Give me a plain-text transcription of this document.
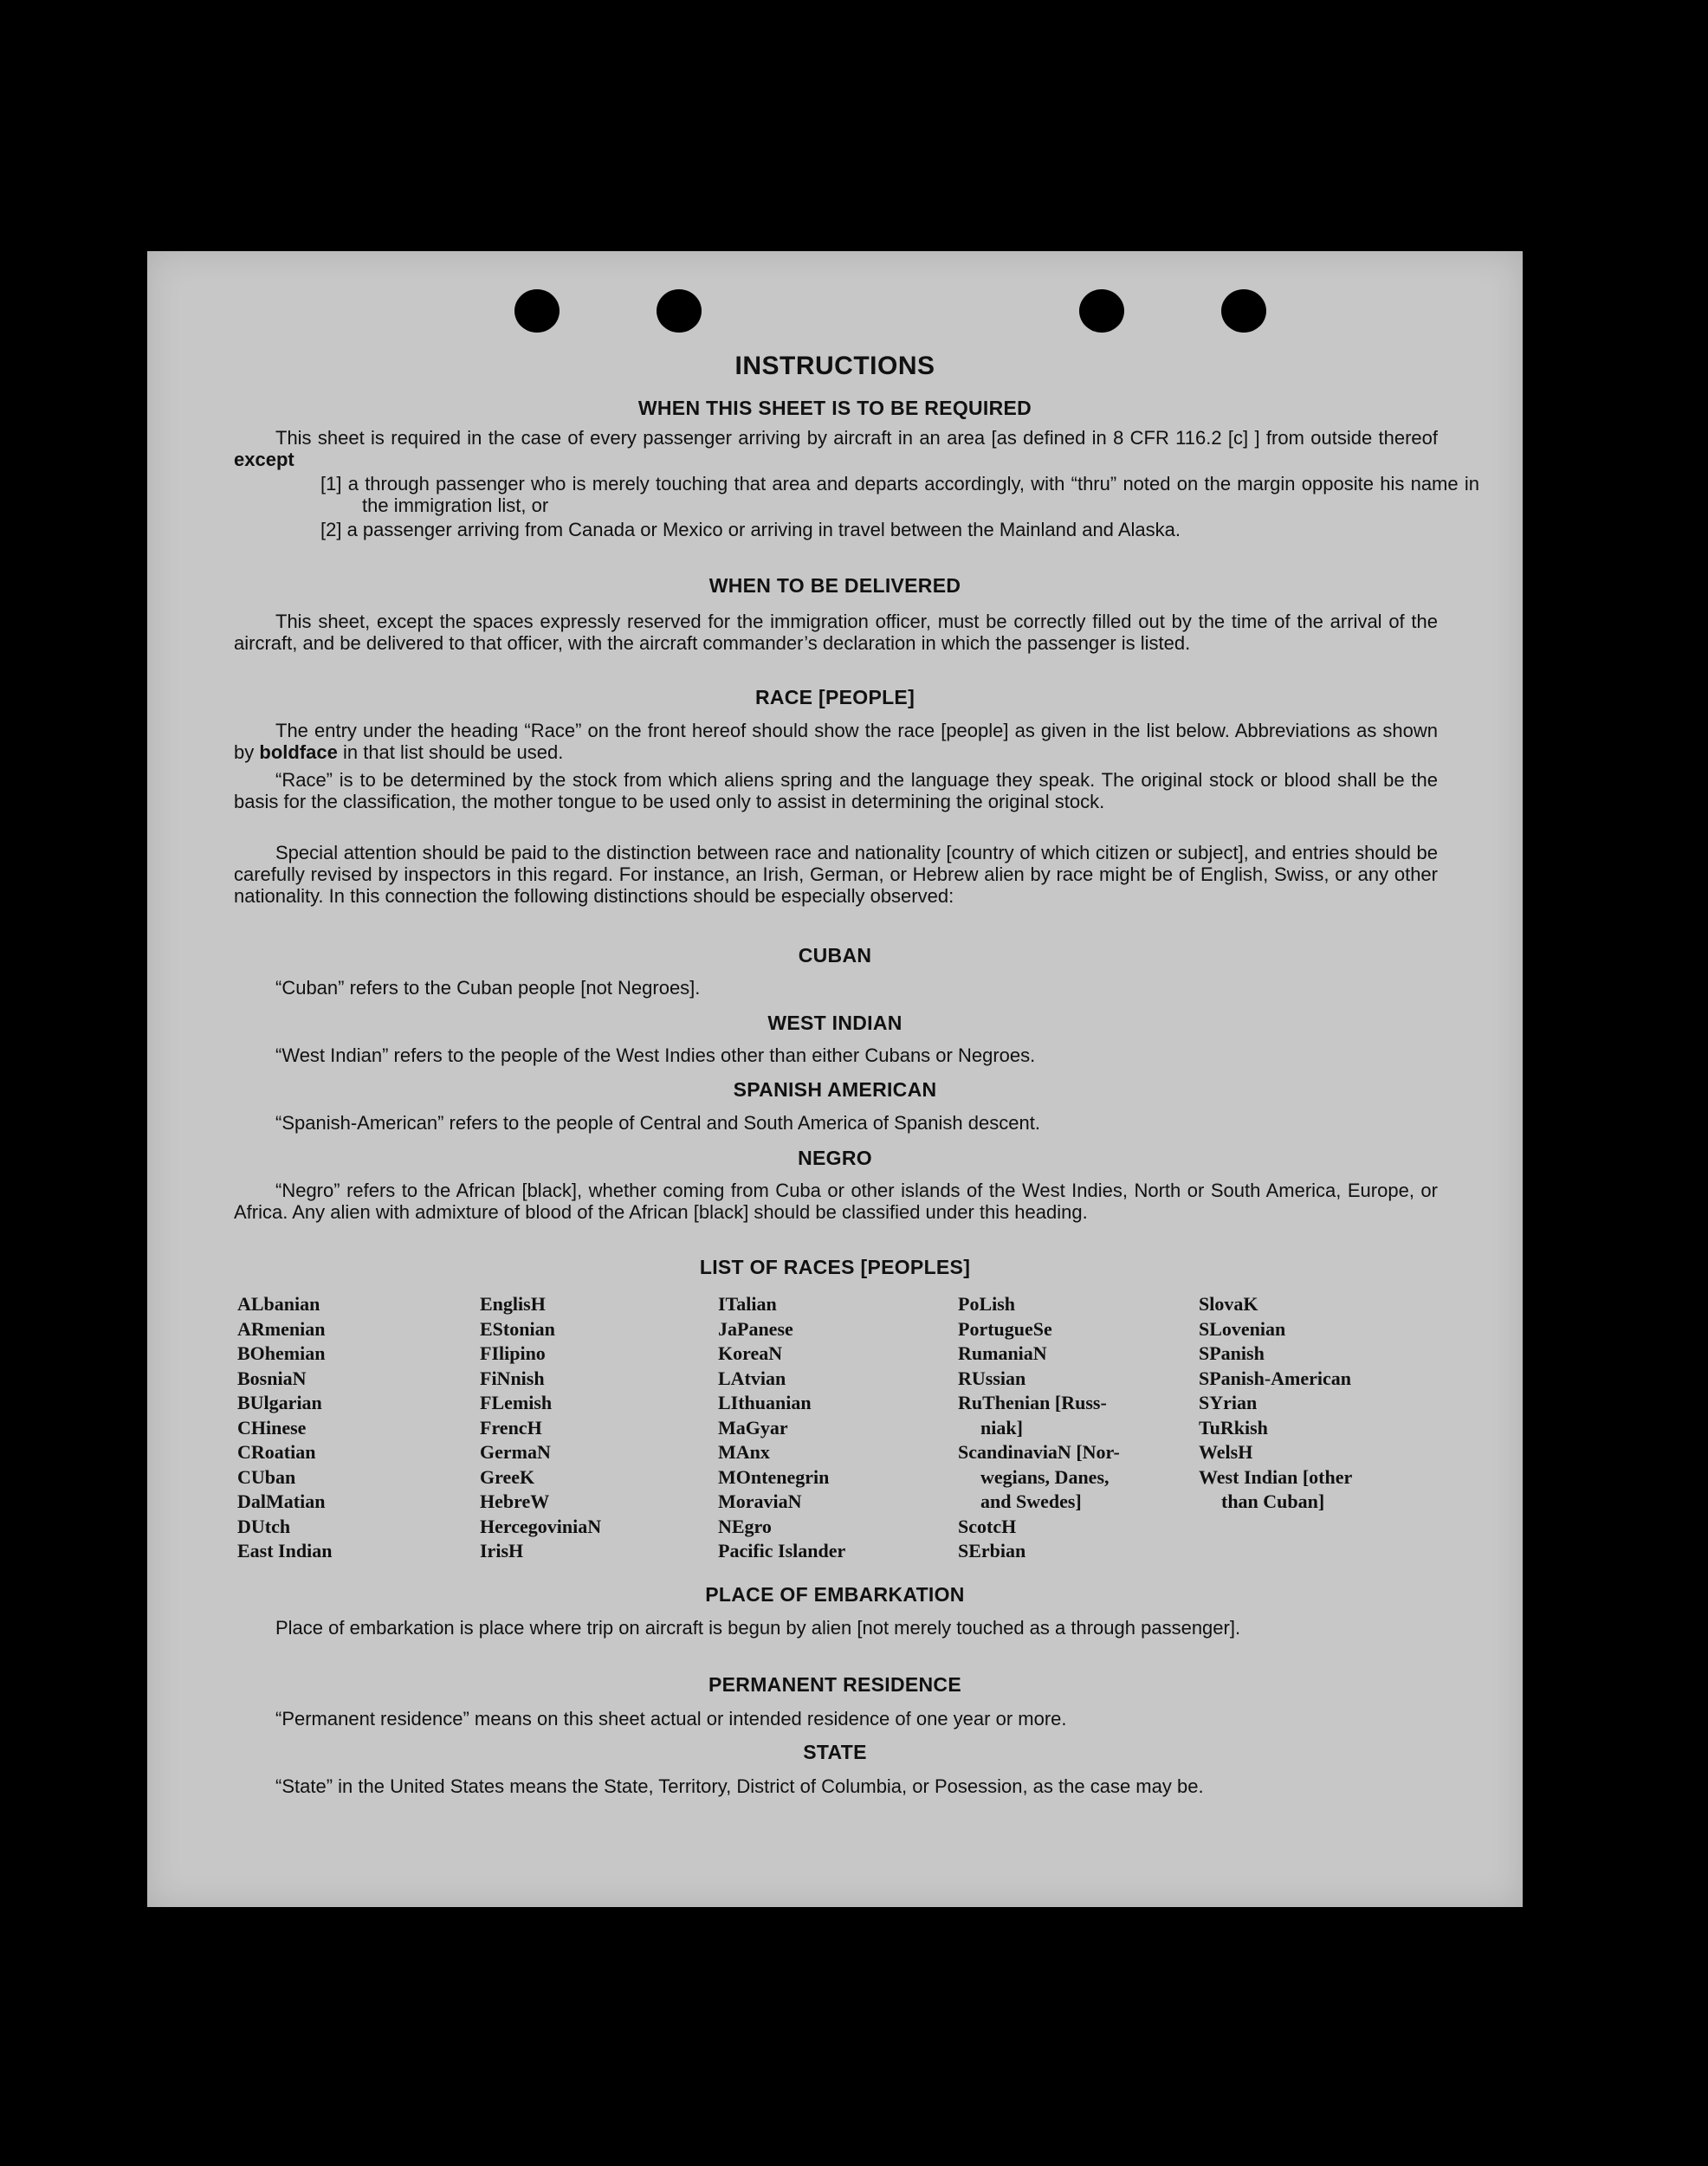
INSTRUCTIONS
WHEN THIS SHEET IS TO BE REQUIRED
This sheet is required in the case of every passenger arriving by aircraft in an area [as defined in 8 CFR 116.2 [c] ] from outside thereof except
[1] a through passenger who is merely touching that area and departs accordingly, with “thru” noted on the margin opposite his name in the immigration list, or
[2] a passenger arriving from Canada or Mexico or arriving in travel between the Mainland and Alaska.
WHEN TO BE DELIVERED
This sheet, except the spaces expressly reserved for the immigration officer, must be correctly filled out by the time of the arrival of the aircraft, and be delivered to that officer, with the aircraft commander’s declaration in which the passenger is listed.
RACE [PEOPLE]
The entry under the heading “Race” on the front hereof should show the race [people] as given in the list below. Abbreviations as shown by boldface in that list should be used.
“Race” is to be determined by the stock from which aliens spring and the language they speak. The original stock or blood shall be the basis for the classification, the mother tongue to be used only to assist in determining the original stock.
Special attention should be paid to the distinction between race and nationality [country of which citizen or subject], and entries should be carefully revised by inspectors in this regard. For instance, an Irish, German, or Hebrew alien by race might be of English, Swiss, or any other nationality. In this connection the following distinctions should be especially observed:
CUBAN
“Cuban” refers to the Cuban people [not Negroes].
WEST INDIAN
“West Indian” refers to the people of the West Indies other than either Cubans or Negroes.
SPANISH AMERICAN
“Spanish-American” refers to the people of Central and South America of Spanish descent.
NEGRO
“Negro” refers to the African [black], whether coming from Cuba or other islands of the West Indies, North or South America, Europe, or Africa. Any alien with admixture of blood of the African [black] should be classified under this heading.
LIST OF RACES [PEOPLES]
ALbanian
ARmenian
BOhemian
BosniaN
BUlgarian
CHinese
CRoatian
CUban
DalMatian
DUtch
East Indian
EnglisH
EStonian
FIlipino
FiNnish
FLemish
FrencH
GermaN
GreeK
HebreW
HercegoviniaN
IrisH
ITalian
JaPanese
KoreaN
LAtvian
LIthuanian
MaGyar
MAnx
MOntenegrin
MoraviaN
NEgro
Pacific Islander
PoLish
PortugueSe
RumaniaN
RUssian
RuThenian [Russ-
niak]
ScandinaviaN [Nor-
wegians, Danes,
and Swedes]
ScotcH
SErbian
SlovaK
SLovenian
SPanish
SPanish-American
SYrian
TuRkish
WelsH
West Indian [other
than Cuban]
PLACE OF EMBARKATION
Place of embarkation is place where trip on aircraft is begun by alien [not merely touched as a through passenger].
PERMANENT RESIDENCE
“Permanent residence” means on this sheet actual or intended residence of one year or more.
STATE
“State” in the United States means the State, Territory, District of Columbia, or Posession, as the case may be.
